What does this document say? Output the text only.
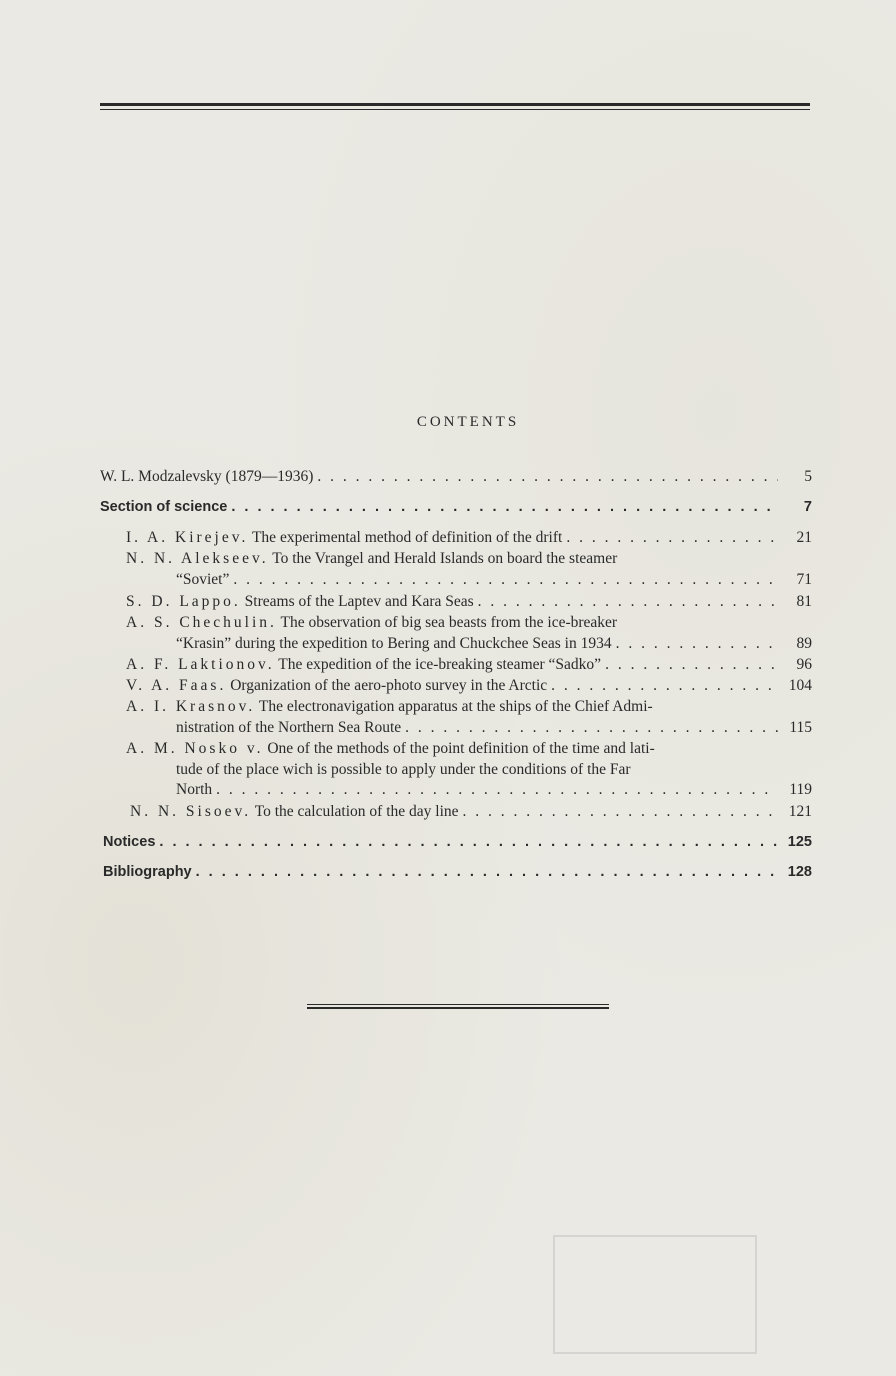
CONTENTS
W. L. Modzalevsky (1879—1936) . . .	5
Section of science . . .	7
I. A. Kirejev. The experimental method of definition of the drift . . .	21
N. N. Alekseev. To the Vrangel and Herald Islands on board the steamer
“Soviet” . . .	71
S. D. Lappo. Streams of the Laptev and Kara Seas . . .	81
A. S. Chechulin. The observation of big sea beasts from the ice-breaker
“Krasin” during the expedition to Bering and Chuckchee Seas in 1934 . . .	89
A. F. Laktionov. The expedition of the ice-breaking steamer “Sadko” . . .	96
V. A. Faas. Organization of the aero-photo survey in the Arctic . . .	104
A. I. Krasnov. The electronavigation apparatus at the ships of the Chief Admi-
nistration of the Northern Sea Route . . .	115
A. M. Nosko v. One of the methods of the point definition of the time and lati-
tude of the place wich is possible to apply under the conditions of the Far
North . . .	119
N. N. Sisoev. To the calculation of the day line . . .	121
Notices . . .	125
Bibliography . . .	128
